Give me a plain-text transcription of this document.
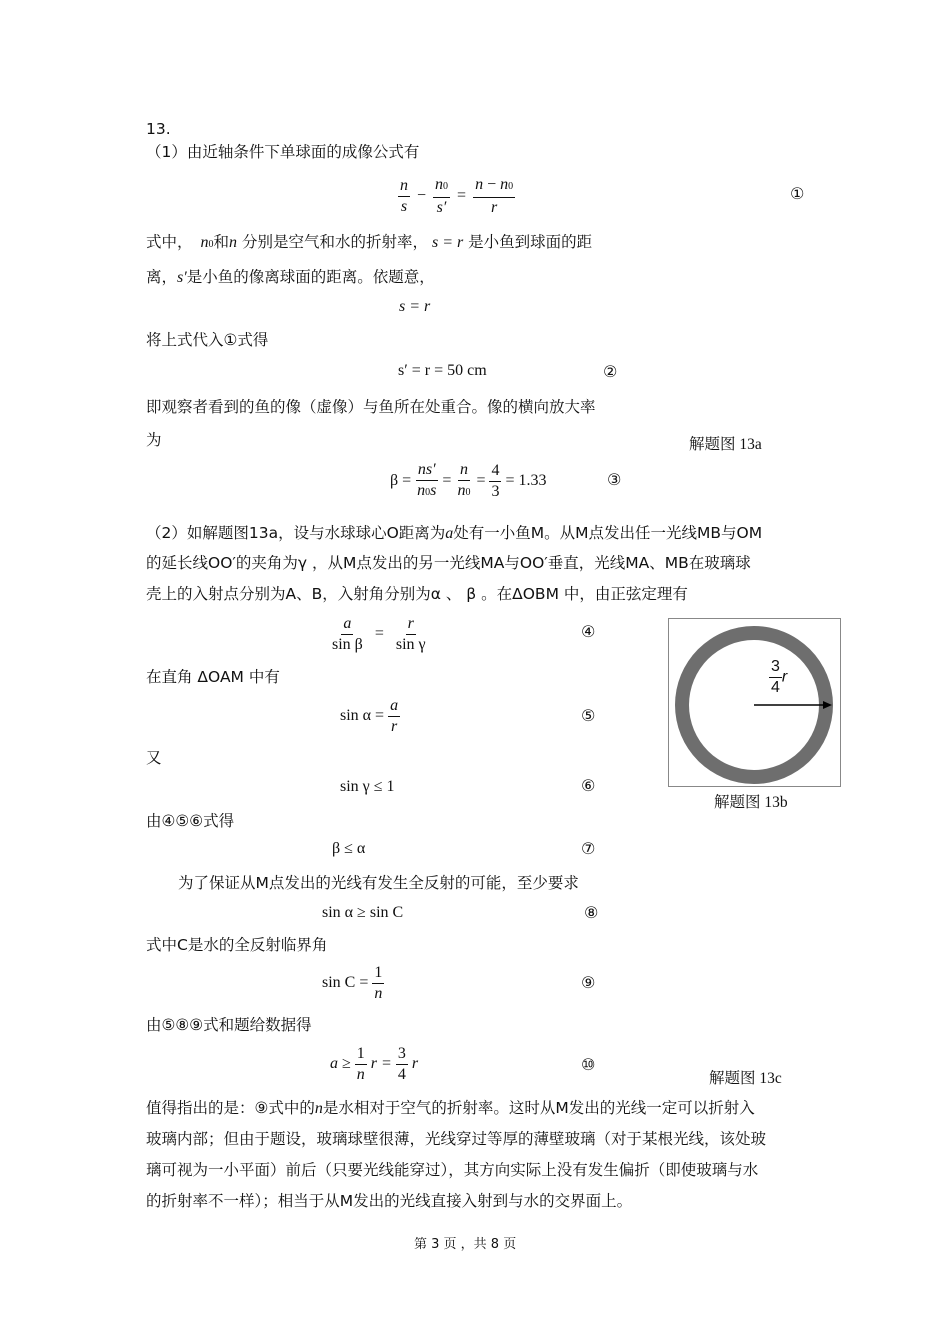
13.
（1）由近轴条件下单球面的成像公式有
$\frac{n}{s} - \frac{n0}{s'} = \frac{n - n0}{r}$	①
式中， n0和n 分别是空气和水的折射率， s = r 是小鱼到球面的距
离，s′是小鱼的像离球面的距离。依题意，
s = r
将上式代入①式得
s′ = r = 50 cm	②
即观察者看到的鱼的像（虚像）与鱼所在处重合。像的横向放大率
为	解题图 13a
$\beta = \frac{ns'}{n0s} = \frac{n}{n0} = \frac{4}{3} = 1.33$	③
（2）如解题图13a，设与水球球心O距离为a处有一小鱼M。从M点发出任一光线MB与OM
的延长线OO′的夹角为γ ，从M点发出的另一光线MA与OO′垂直，光线MA、MB在玻璃球
壳上的入射点分别为A、B，入射角分别为α 、 β 。在ΔOBM 中，由正弦定理有
$\frac{a}{\text{sin β}} = \frac{r}{\text{sin γ}}$	④
$\frac{3}{4}$ r
解题图 13b
在直角 ΔOAM 中有
$\sin \alpha = \frac{a}{r}$	⑤
又
sin γ ≤ 1	⑥
由④⑤⑥式得
β ≤ α	⑦
为了保证从M点发出的光线有发生全反射的可能，至少要求
sin α ≥ sin C	⑧
式中C是水的全反射临界角
$\sin C = \frac{1}{n}$	⑨
由⑤⑧⑨式和题给数据得
$a \ge \frac{1}{n}$ $r = \frac{3}{4}$ r	⑩
解题图 13c
值得指出的是：⑨式中的n是水相对于空气的折射率。这时从M发出的光线一定可以折射入
玻璃内部；但由于题设，玻璃球壁很薄，光线穿过等厚的薄壁玻璃（对于某根光线，该处玻
璃可视为一小平面）前后（只要光线能穿过），其方向实际上没有发生偏折（即使玻璃与水
的折射率不一样）；相当于从M发出的光线直接入射到与水的交界面上。
第 3 页 ，共 8 页
